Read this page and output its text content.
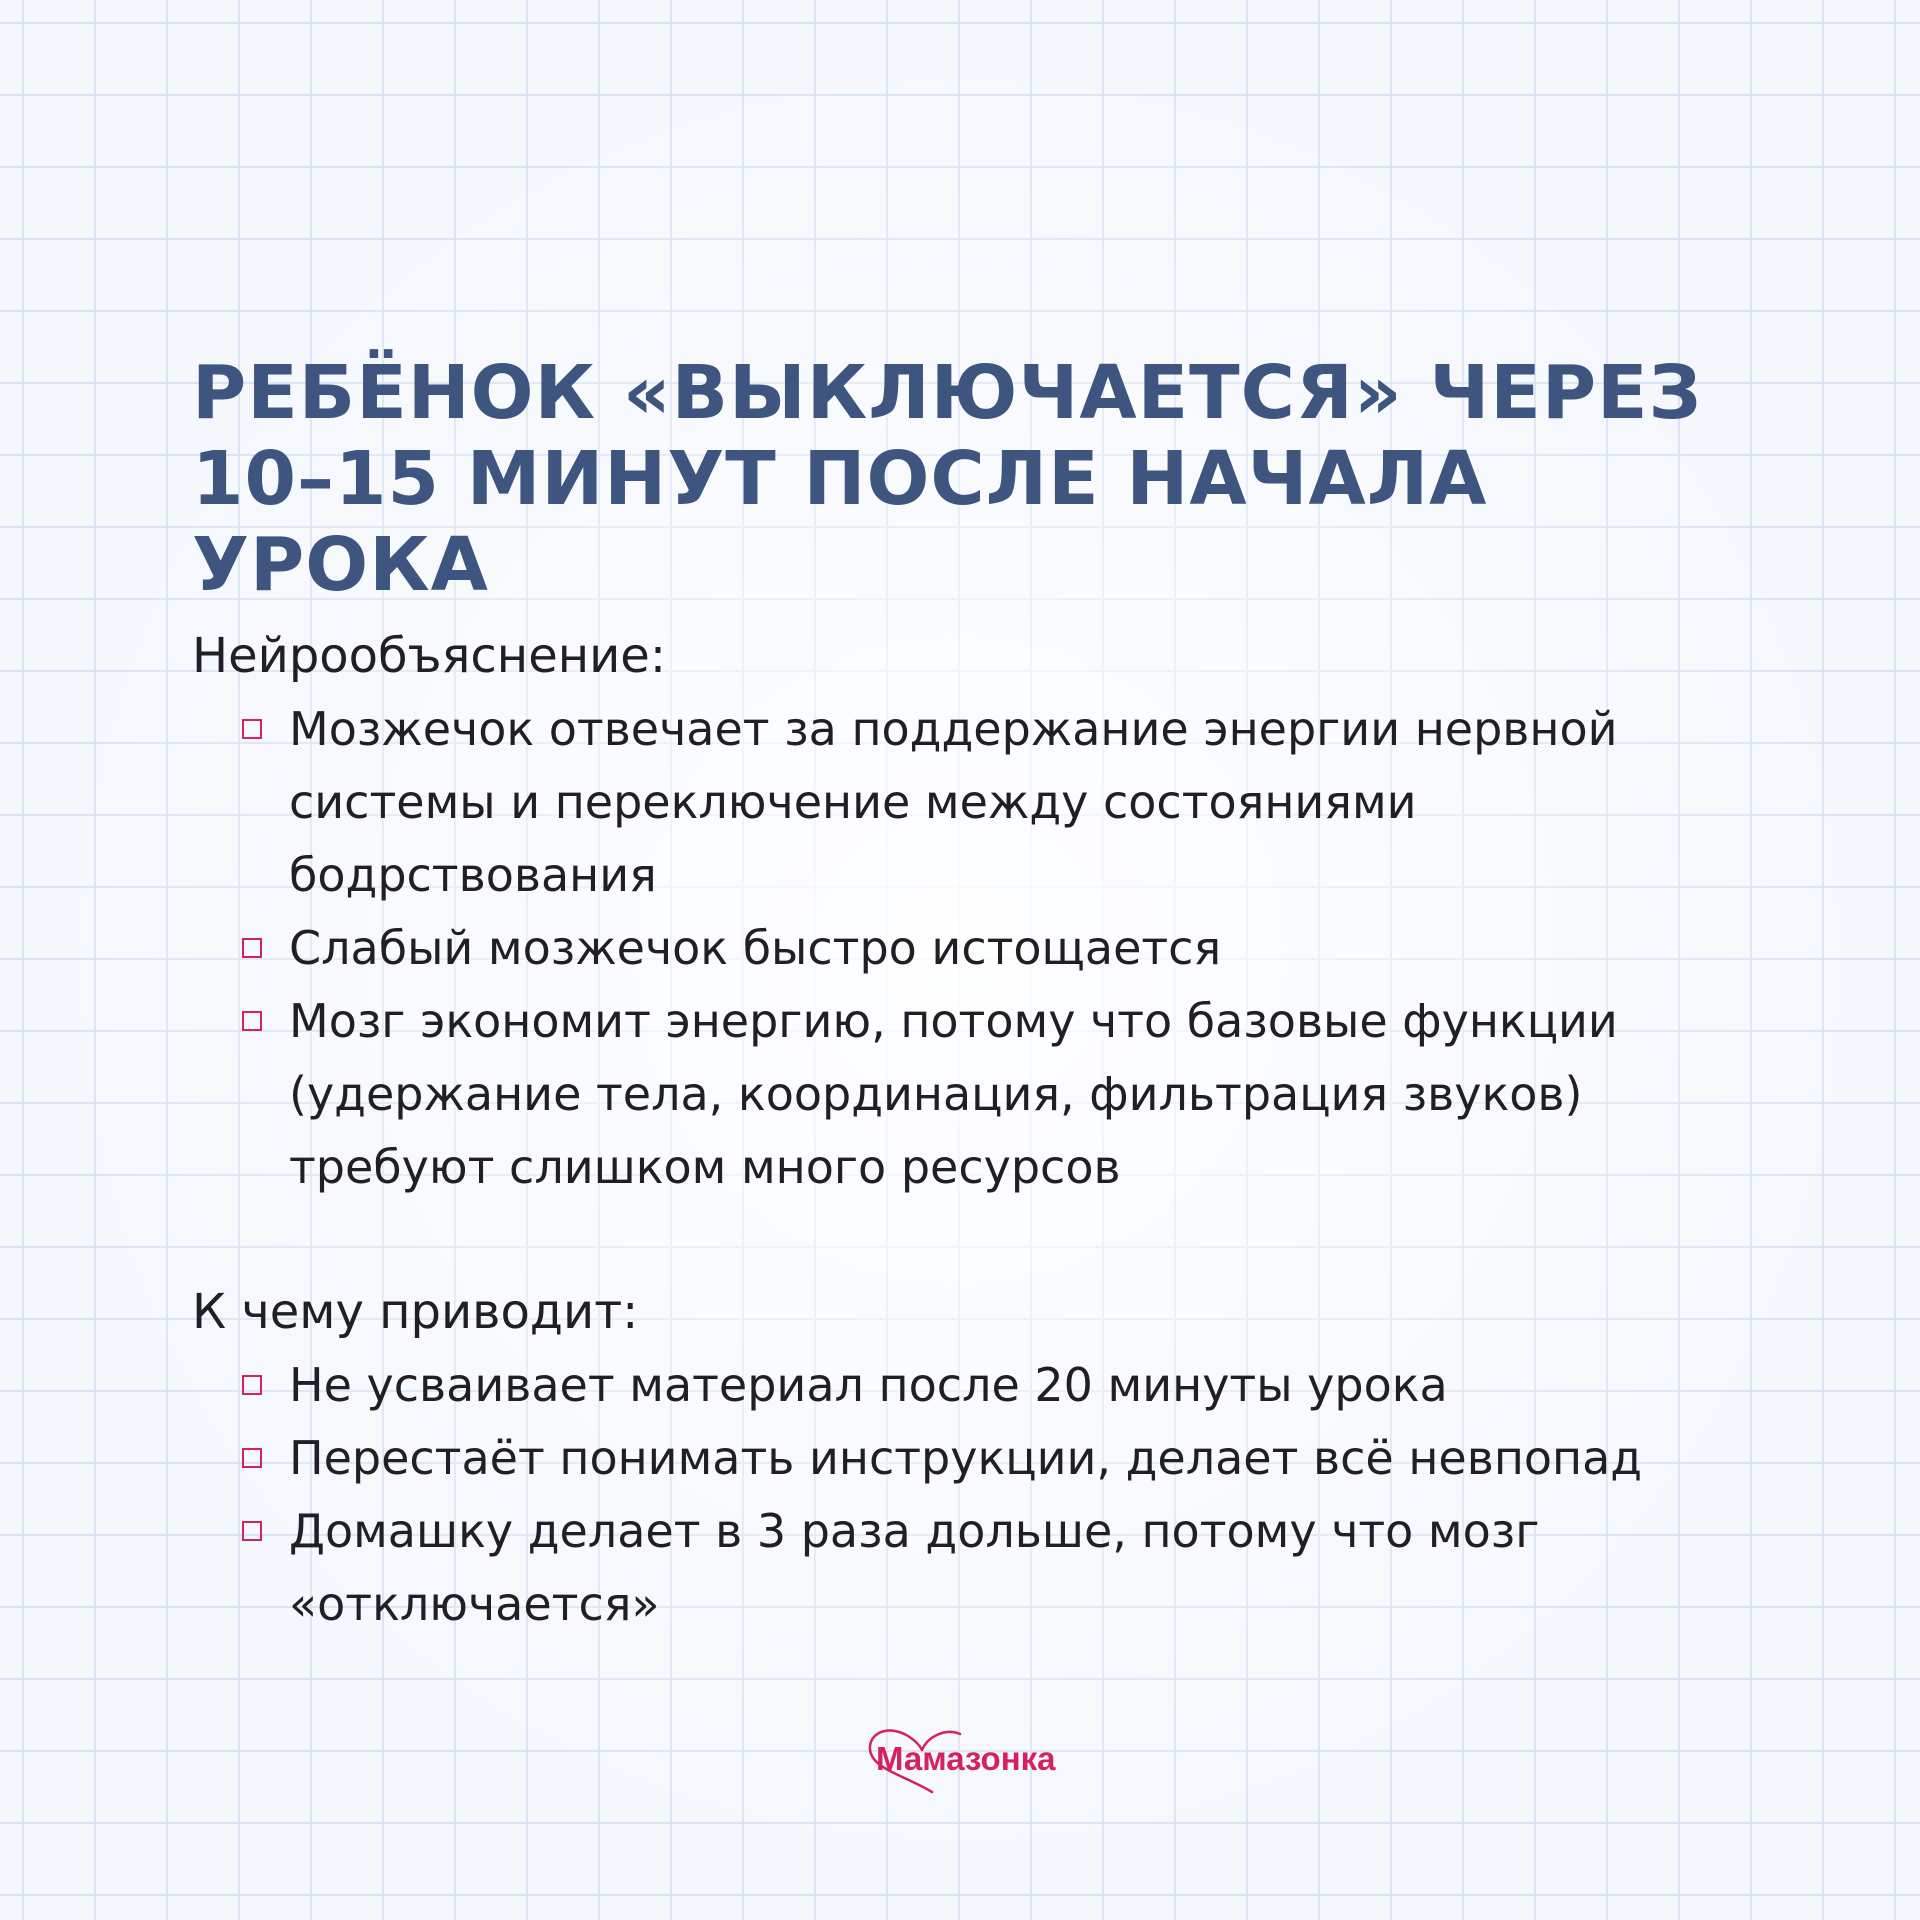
РЕБЁНОК «ВЫКЛЮЧАЕТСЯ» ЧЕРЕЗ
10–15 МИНУТ ПОСЛЕ НАЧАЛА УРОКА

Нейрообъяснение:

Мозжечок отвечает за поддержание энергии нервной системы и переключение между состояниями бодрствования
Слабый мозжечок быстро истощается
Мозг экономит энергию, потому что базовые функции (удержание тела, координация, фильтрация звуков) требуют слишком много ресурсов

К чему приводит:

Не усваивает материал после 20 минуты урока
Перестаёт понимать инструкции, делает всё невпопад
Домашку делает в 3 раза дольше, потому что мозг «отключается»
Мамазонка
